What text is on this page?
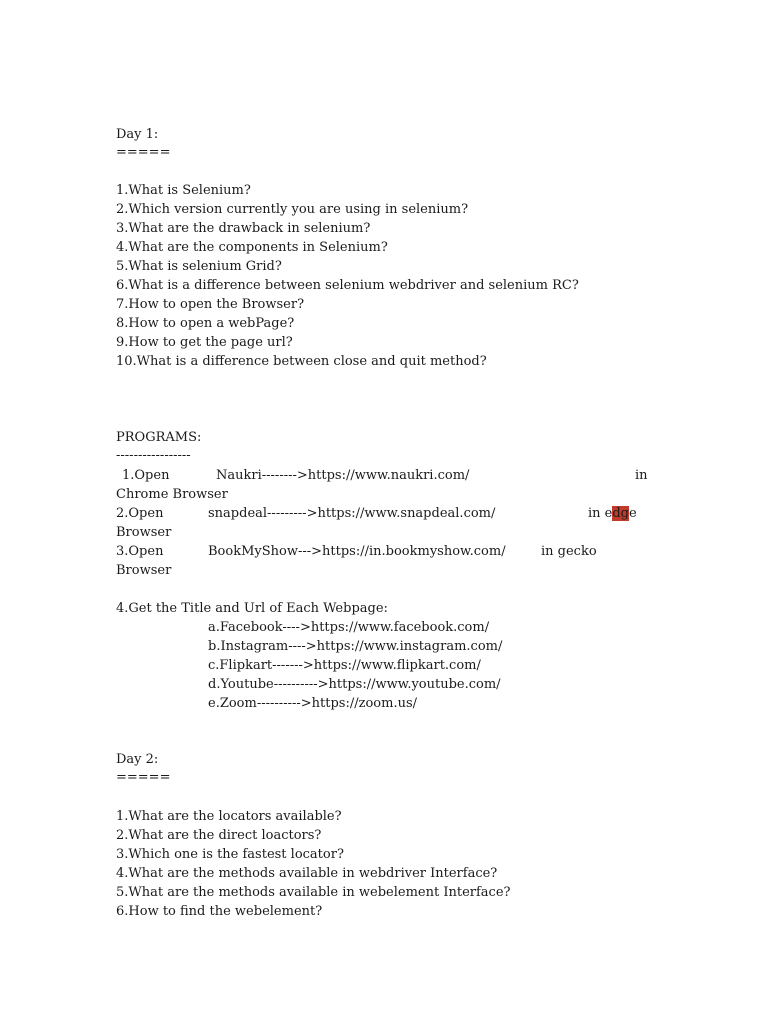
Day 1:
=====
1.What is Selenium?
2.Which version currently you are using in selenium?
3.What are the drawback in selenium?
4.What are the components in Selenium?
5.What is selenium Grid?
6.What is a difference between selenium webdriver and selenium RC?
7.How to open the Browser?
8.How to open a webPage?
9.How to get the page url?
10.What is a difference between close and quit method?
PROGRAMS:
-----------------
1.Open	Naukri-------->https://www.naukri.com/	in
Chrome Browser
2.Open	snapdeal--------->https://www.snapdeal.com/	in edge
Browser
3.Open	BookMyShow--->https://in.bookmyshow.com/	in gecko
Browser
4.Get the Title and Url of Each Webpage:
a.Facebook---->https://www.facebook.com/
b.Instagram---->https://www.instagram.com/
c.Flipkart------->https://www.flipkart.com/
d.Youtube---------->https://www.youtube.com/
e.Zoom---------->https://zoom.us/
Day 2:
=====
1.What are the locators available?
2.What are the direct loactors?
3.Which one is the fastest locator?
4.What are the methods available in webdriver Interface?
5.What are the methods available in webelement Interface?
6.How to find the webelement?
